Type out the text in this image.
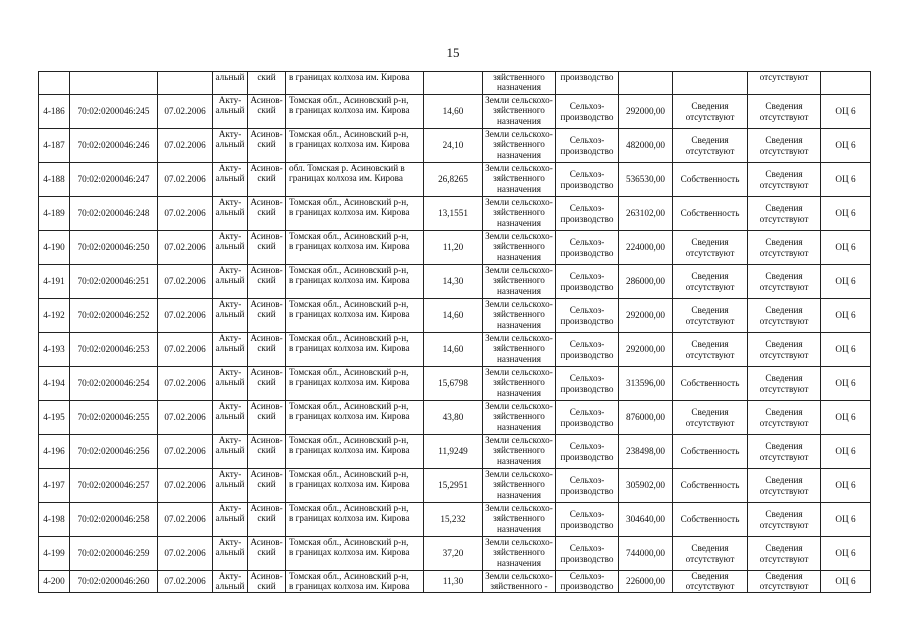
15

			альный	ский	в границах колхоза им. Кирова		зяйственного
назначения	производство			отсутствуют	

4-186	70:02:0200046:245	07.02.2006	Акту-
альный	Асинов-
ский	Томская обл., Асиновский р-н,
в границах колхоза им. Кирова	14,60	Земли сельскохо-
зяйственного
назначения	Сельхоз-
производство	292000,00	Сведения
отсутствуют	Сведения
отсутствуют	ОЦ 6

4-187	70:02:0200046:246	07.02.2006	Акту-
альный	Асинов-
ский	Томская обл., Асиновский р-н,
в границах колхоза им. Кирова	24,10	Земли сельскохо-
зяйственного
назначения	Сельхоз-
производство	482000,00	Сведения
отсутствуют	Сведения
отсутствуют	ОЦ 6

4-188	70:02:0200046:247	07.02.2006	Акту-
альный	Асинов-
ский	обл. Томская р. Асиновский в
границах колхоза им. Кирова	26,8265	Земли сельскохо-
зяйственного
назначения	Сельхоз-
производство	536530,00	Собственность	Сведения
отсутствуют	ОЦ 6

4-189	70:02:0200046:248	07.02.2006	Акту-
альный	Асинов-
ский	Томская обл., Асиновский р-н,
в границах колхоза им. Кирова	13,1551	Земли сельскохо-
зяйственного
назначения	Сельхоз-
производство	263102,00	Собственность	Сведения
отсутствуют	ОЦ 6

4-190	70:02:0200046:250	07.02.2006	Акту-
альный	Асинов-
ский	Томская обл., Асиновский р-н,
в границах колхоза им. Кирова	11,20	Земли сельскохо-
зяйственного
назначения	Сельхоз-
производство	224000,00	Сведения
отсутствуют	Сведения
отсутствуют	ОЦ 6

4-191	70:02:0200046:251	07.02.2006	Акту-
альный	Асинов-
ский	Томская обл., Асиновский р-н,
в границах колхоза им. Кирова	14,30	Земли сельскохо-
зяйственного
назначения	Сельхоз-
производство	286000,00	Сведения
отсутствуют	Сведения
отсутствуют	ОЦ 6

4-192	70:02:0200046:252	07.02.2006	Акту-
альный	Асинов-
ский	Томская обл., Асиновский р-н,
в границах колхоза им. Кирова	14,60	Земли сельскохо-
зяйственного
назначения	Сельхоз-
производство	292000,00	Сведения
отсутствуют	Сведения
отсутствуют	ОЦ 6

4-193	70:02:0200046:253	07.02.2006	Акту-
альный	Асинов-
ский	Томская обл., Асиновский р-н,
в границах колхоза им. Кирова	14,60	Земли сельскохо-
зяйственного
назначения	Сельхоз-
производство	292000,00	Сведения
отсутствуют	Сведения
отсутствуют	ОЦ 6

4-194	70:02:0200046:254	07.02.2006	Акту-
альный	Асинов-
ский	Томская обл., Асиновский р-н,
в границах колхоза им. Кирова	15,6798	Земли сельскохо-
зяйственного
назначения	Сельхоз-
производство	313596,00	Собственность	Сведения
отсутствуют	ОЦ 6

4-195	70:02:0200046:255	07.02.2006	Акту-
альный	Асинов-
ский	Томская обл., Асиновский р-н,
в границах колхоза им. Кирова	43,80	Земли сельскохо-
зяйственного
назначения	Сельхоз-
производство	876000,00	Сведения
отсутствуют	Сведения
отсутствуют	ОЦ 6

4-196	70:02:0200046:256	07.02.2006	Акту-
альный	Асинов-
ский	Томская обл., Асиновский р-н,
в границах колхоза им. Кирова	11,9249	Земли сельскохо-
зяйственного
назначения	Сельхоз-
производство	238498,00	Собственность	Сведения
отсутствуют	ОЦ 6

4-197	70:02:0200046:257	07.02.2006	Акту-
альный	Асинов-
ский	Томская обл., Асиновский р-н,
в границах колхоза им. Кирова	15,2951	Земли сельскохо-
зяйственного
назначения	Сельхоз-
производство	305902,00	Собственность	Сведения
отсутствуют	ОЦ 6

4-198	70:02:0200046:258	07.02.2006	Акту-
альный	Асинов-
ский	Томская обл., Асиновский р-н,
в границах колхоза им. Кирова	15,232	Земли сельскохо-
зяйственного
назначения	Сельхоз-
производство	304640,00	Собственность	Сведения
отсутствуют	ОЦ 6

4-199	70:02:0200046:259	07.02.2006	Акту-
альный	Асинов-
ский	Томская обл., Асиновский р-н,
в границах колхоза им. Кирова	37,20	Земли сельскохо-
зяйственного
назначения	Сельхоз-
производство	744000,00	Сведения
отсутствуют	Сведения
отсутствуют	ОЦ 6

4-200	70:02:0200046:260	07.02.2006	Акту-
альный	Асинов-
ский	Томская обл., Асиновский р-н,
в границах колхоза им. Кирова	11,30	Земли сельскохо-
зяйственного -	Сельхоз-
производство	226000,00	Сведения
отсутствуют	Сведения
отсутствуют	ОЦ 6
